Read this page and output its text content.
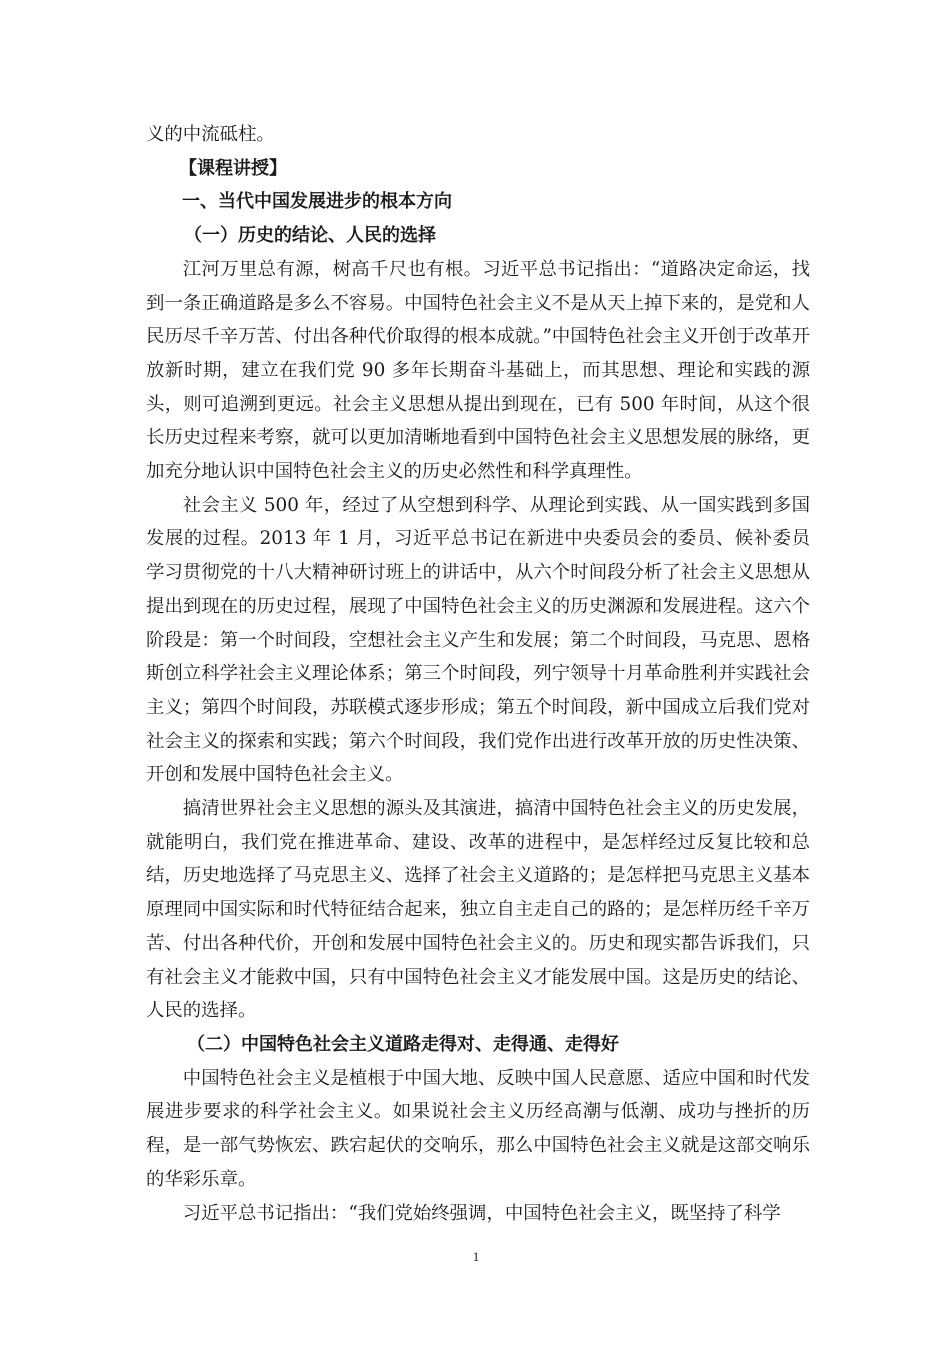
义的中流砥柱。

【课程讲授】

一、当代中国发展进步的根本方向

（一）历史的结论、人民的选择

江河万里总有源，树高千尺也有根。习近平总书记指出：“道路决定命运，找到一条正确道路是多么不容易。中国特色社会主义不是从天上掉下来的，是党和人民历尽千辛万苦、付出各种代价取得的根本成就。”中国特色社会主义开创于改革开放新时期，建立在我们党 90 多年长期奋斗基础上，而其思想、理论和实践的源头，则可追溯到更远。社会主义思想从提出到现在，已有 500 年时间，从这个很长历史过程来考察，就可以更加清晰地看到中国特色社会主义思想发展的脉络，更加充分地认识中国特色社会主义的历史必然性和科学真理性。

社会主义 500 年，经过了从空想到科学、从理论到实践、从一国实践到多国发展的过程。2013 年 1 月，习近平总书记在新进中央委员会的委员、候补委员学习贯彻党的十八大精神研讨班上的讲话中，从六个时间段分析了社会主义思想从提出到现在的历史过程，展现了中国特色社会主义的历史渊源和发展进程。这六个阶段是：第一个时间段，空想社会主义产生和发展；第二个时间段，马克思、恩格斯创立科学社会主义理论体系；第三个时间段，列宁领导十月革命胜利并实践社会主义；第四个时间段，苏联模式逐步形成；第五个时间段，新中国成立后我们党对社会主义的探索和实践；第六个时间段，我们党作出进行改革开放的历史性决策、开创和发展中国特色社会主义。

搞清世界社会主义思想的源头及其演进，搞清中国特色社会主义的历史发展，就能明白，我们党在推进革命、建设、改革的进程中，是怎样经过反复比较和总结，历史地选择了马克思主义、选择了社会主义道路的；是怎样把马克思主义基本原理同中国实际和时代特征结合起来，独立自主走自己的路的；是怎样历经千辛万苦、付出各种代价，开创和发展中国特色社会主义的。历史和现实都告诉我们，只有社会主义才能救中国，只有中国特色社会主义才能发展中国。这是历史的结论、人民的选择。

（二）中国特色社会主义道路走得对、走得通、走得好

中国特色社会主义是植根于中国大地、反映中国人民意愿、适应中国和时代发展进步要求的科学社会主义。如果说社会主义历经高潮与低潮、成功与挫折的历程，是一部气势恢宏、跌宕起伏的交响乐，那么中国特色社会主义就是这部交响乐的华彩乐章。

习近平总书记指出：“我们党始终强调，中国特色社会主义，既坚持了科学

1
